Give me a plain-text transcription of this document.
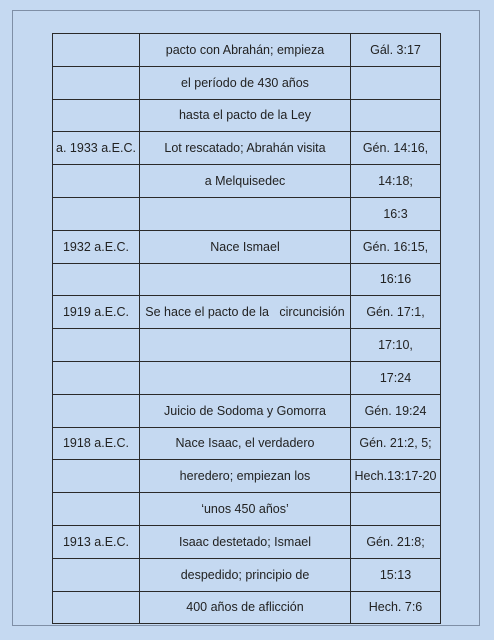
	pacto con Abrahán; empieza	Gál. 3:17
	el período de 430 años	
	hasta el pacto de la Ley	
a. 1933 a.E.C.	Lot rescatado; Abrahán visita	Gén. 14:16,
	a Melquisedec	14:18;
		16:3
1932 a.E.C.	Nace Ismael	Gén. 16:15,
		16:16
1919 a.E.C.	Se hace el pacto de la   circuncisión	Gén. 17:1,
		17:10,
		17:24
	Juicio de Sodoma y Gomorra	Gén. 19:24
1918 a.E.C.	Nace Isaac, el verdadero	Gén. 21:2, 5;
	heredero; empiezan los	Hech.13:17-20
	‘unos 450 años’	
1913 a.E.C.	Isaac destetado; Ismael	Gén. 21:8;
	despedido; principio de	15:13
	400 años de aflicción	Hech. 7:6
